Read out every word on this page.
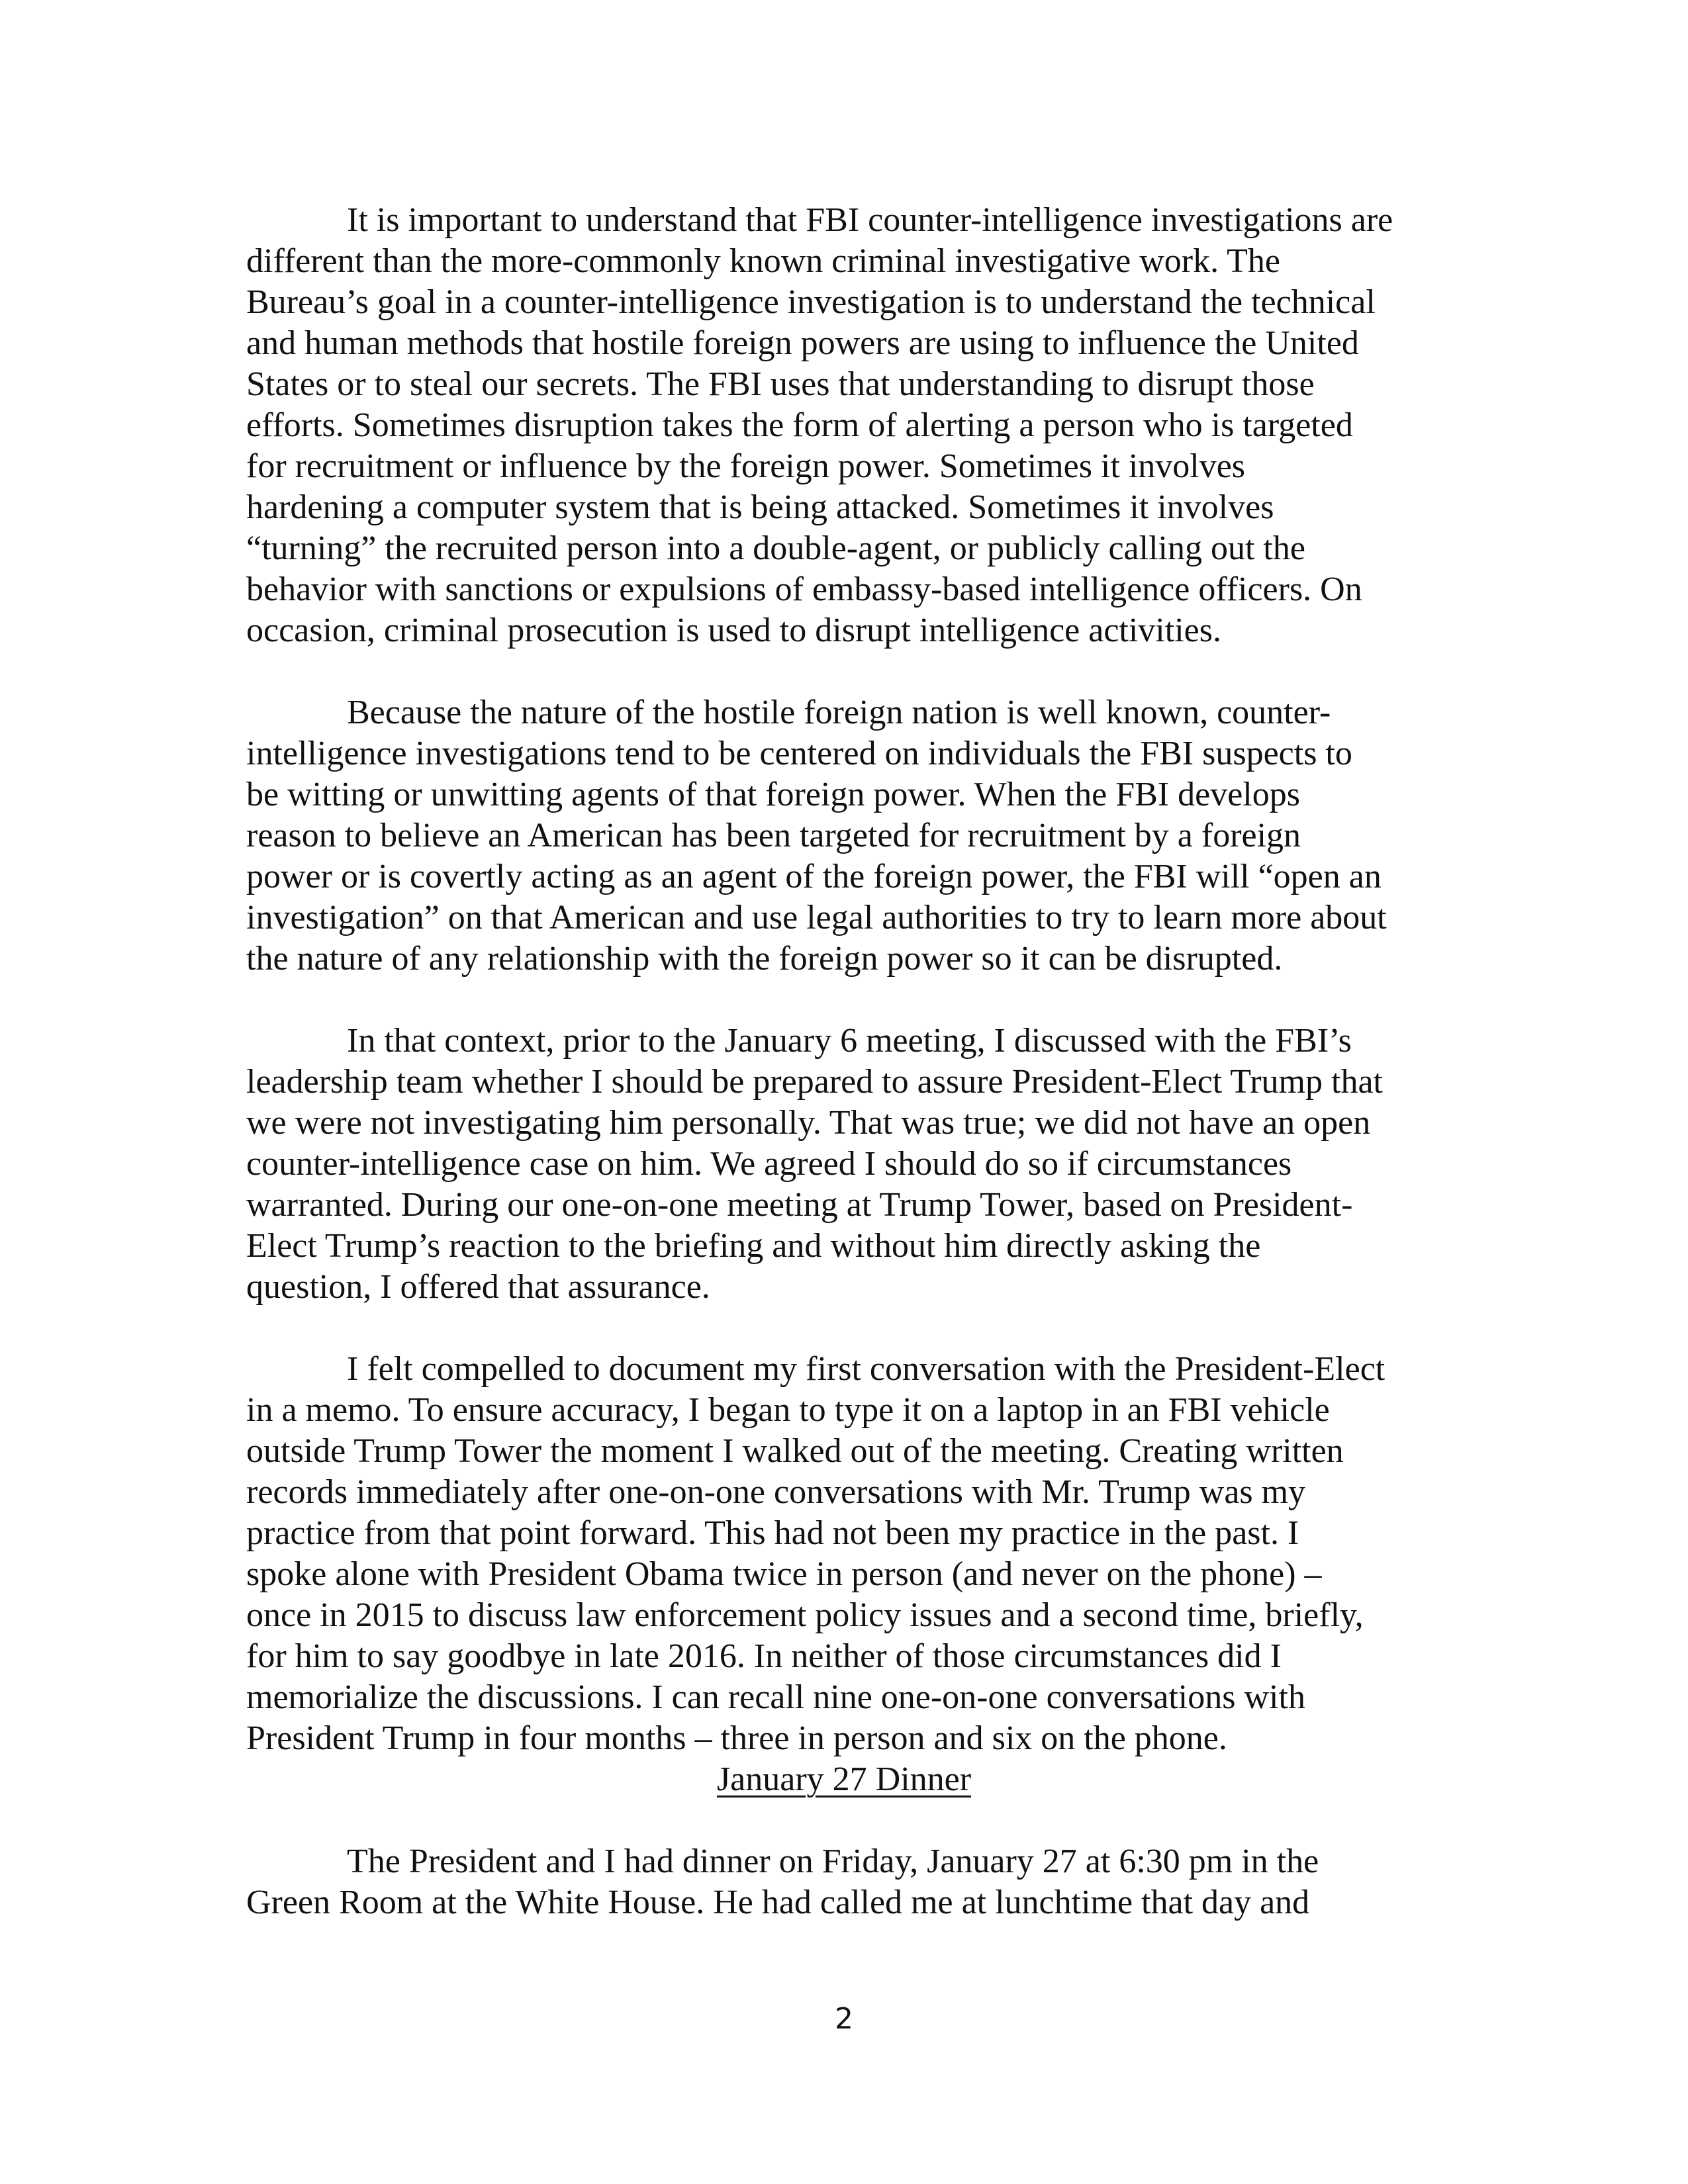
It is important to understand that FBI counter-intelligence investigations are
different than the more-commonly known criminal investigative work. The
Bureau’s goal in a counter-intelligence investigation is to understand the technical
and human methods that hostile foreign powers are using to influence the United
States or to steal our secrets. The FBI uses that understanding to disrupt those
efforts. Sometimes disruption takes the form of alerting a person who is targeted
for recruitment or influence by the foreign power. Sometimes it involves
hardening a computer system that is being attacked. Sometimes it involves
“turning” the recruited person into a double-agent, or publicly calling out the
behavior with sanctions or expulsions of embassy-based intelligence officers. On
occasion, criminal prosecution is used to disrupt intelligence activities.
Because the nature of the hostile foreign nation is well known, counter-
intelligence investigations tend to be centered on individuals the FBI suspects to
be witting or unwitting agents of that foreign power. When the FBI develops
reason to believe an American has been targeted for recruitment by a foreign
power or is covertly acting as an agent of the foreign power, the FBI will “open an
investigation” on that American and use legal authorities to try to learn more about
the nature of any relationship with the foreign power so it can be disrupted.
In that context, prior to the January 6 meeting, I discussed with the FBI’s
leadership team whether I should be prepared to assure President-Elect Trump that
we were not investigating him personally. That was true; we did not have an open
counter-intelligence case on him. We agreed I should do so if circumstances
warranted. During our one-on-one meeting at Trump Tower, based on President-
Elect Trump’s reaction to the briefing and without him directly asking the
question, I offered that assurance.
I felt compelled to document my first conversation with the President-Elect
in a memo. To ensure accuracy, I began to type it on a laptop in an FBI vehicle
outside Trump Tower the moment I walked out of the meeting. Creating written
records immediately after one-on-one conversations with Mr. Trump was my
practice from that point forward. This had not been my practice in the past. I
spoke alone with President Obama twice in person (and never on the phone) –
once in 2015 to discuss law enforcement policy issues and a second time, briefly,
for him to say goodbye in late 2016. In neither of those circumstances did I
memorialize the discussions. I can recall nine one-on-one conversations with
President Trump in four months – three in person and six on the phone.
The President and I had dinner on Friday, January 27 at 6:30 pm in the
Green Room at the White House. He had called me at lunchtime that day and
January 27 Dinner
2
